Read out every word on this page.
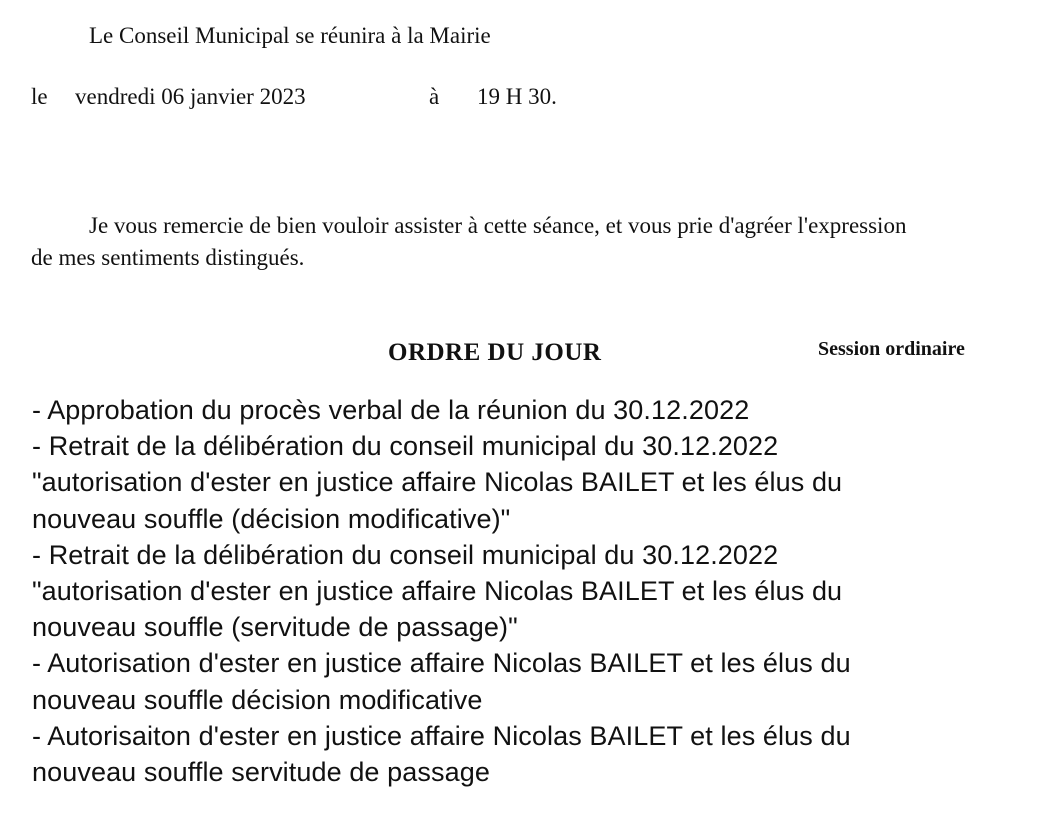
Le Conseil Municipal se réunira à la Mairie
le vendredi 06 janvier 2023	à 19 H 30.

Je vous remercie de bien vouloir assister à cette séance, et vous prie d'agréer l'expression de mes sentiments distingués.

ORDRE DU JOUR	Session ordinaire
- Approbation du procès verbal de la réunion du 30.12.2022
- Retrait de la délibération du conseil municipal du 30.12.2022
"autorisation d'ester en justice affaire Nicolas BAILET et les élus du
nouveau souffle (décision modificative)"
- Retrait de la délibération du conseil municipal du 30.12.2022
"autorisation d'ester en justice affaire Nicolas BAILET et les élus du
nouveau souffle (servitude de passage)"
- Autorisation d'ester en justice affaire Nicolas BAILET et les élus du
nouveau souffle décision modificative
- Autorisaiton d'ester en justice affaire Nicolas BAILET et les élus du
nouveau souffle servitude de passage
